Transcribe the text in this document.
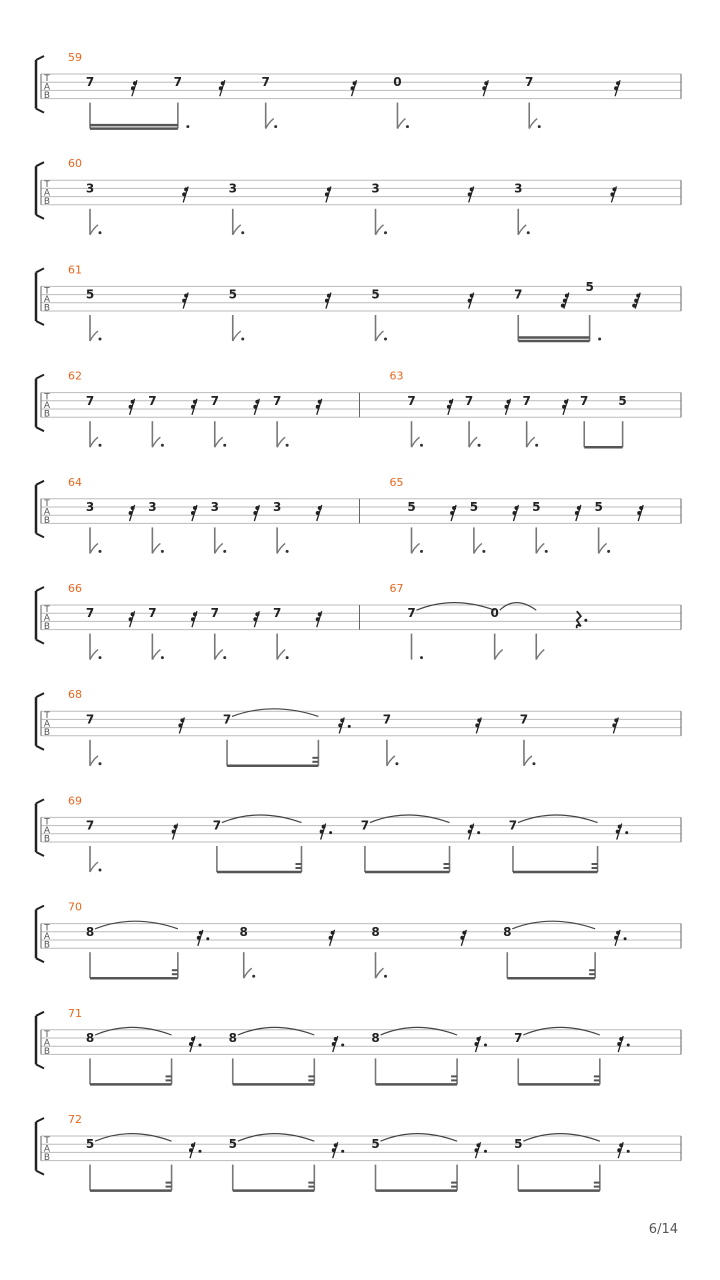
T
A
B
59
7	7	7	0	7
T
A
B
60
3	3	3	3
T
A
B
61
5	5	5	7
5
T
A
B
62
7	7	7	7
63
7	7	7	7	5
T
A
B
64
3	3	3	3
65
5	5	5	5
T
A
B
66
7	7	7	7
67
7	0
T
A
B
68
7	7	7	7
T
A
B
69
7	7	7	7
T
A
B
70
8	8	8	8
T
A
B
71
8	8	8	7
T
A
B
72
5	5	5	5
6/14
